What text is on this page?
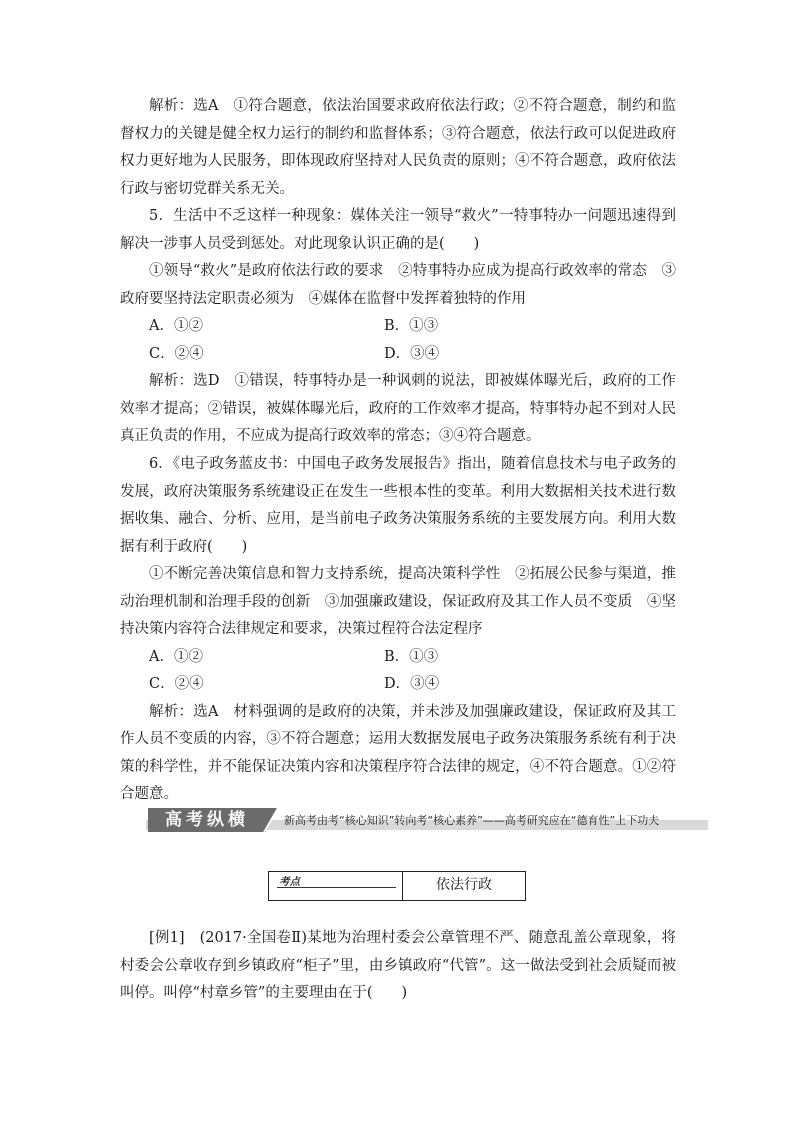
解析：选A　①符合题意，依法治国要求政府依法行政；②不符合题意，制约和监督权力的关键是健全权力运行的制约和监督体系；③符合题意，依法行政可以促进政府权力更好地为人民服务，即体现政府坚持对人民负责的原则；④不符合题意，政府依法行政与密切党群关系无关。

5．生活中不乏这样一种现象：媒体关注一领导“救火”一特事特办一问题迅速得到解决一涉事人员受到惩处。对此现象认识正确的是(　　)

①领导“救火”是政府依法行政的要求　②特事特办应成为提高行政效率的常态　③政府要坚持法定职责必须为　④媒体在监督中发挥着独特的作用

A．①②	B．①③
C．②④	D．③④

解析：选D　①错误，特事特办是一种讽刺的说法，即被媒体曝光后，政府的工作效率才提高；②错误，被媒体曝光后，政府的工作效率才提高，特事特办起不到对人民真正负责的作用，不应成为提高行政效率的常态；③④符合题意。

6．《电子政务蓝皮书：中国电子政务发展报告》指出，随着信息技术与电子政务的发展，政府决策服务系统建设正在发生一些根本性的变革。利用大数据相关技术进行数据收集、融合、分析、应用，是当前电子政务决策服务系统的主要发展方向。利用大数据有利于政府(　　)

①不断完善决策信息和智力支持系统，提高决策科学性　②拓展公民参与渠道，推动治理机制和治理手段的创新　③加强廉政建设，保证政府及其工作人员不变质　④坚持决策内容符合法律规定和要求，决策过程符合法定程序

A．①②	B．①③
C．②④	D．③④

解析：选A　材料强调的是政府的决策，并未涉及加强廉政建设，保证政府及其工作人员不变质的内容，③不符合题意；运用大数据发展电子政务决策服务系统有利于决策的科学性，并不能保证决策内容和决策程序符合法律的规定，④不符合题意。①②符合题意。

高考纵横	新高考由考“核心知识”转向考“核心素养”——高考研究应在“德育性”上下功夫
考点	依法行政

[例1]　(2017·全国卷Ⅱ)某地为治理村委会公章管理不严、随意乱盖公章现象，将村委会公章收存到乡镇政府“柜子”里，由乡镇政府“代管”。这一做法受到社会质疑而被叫停。叫停“村章乡管”的主要理由在于(　　)
